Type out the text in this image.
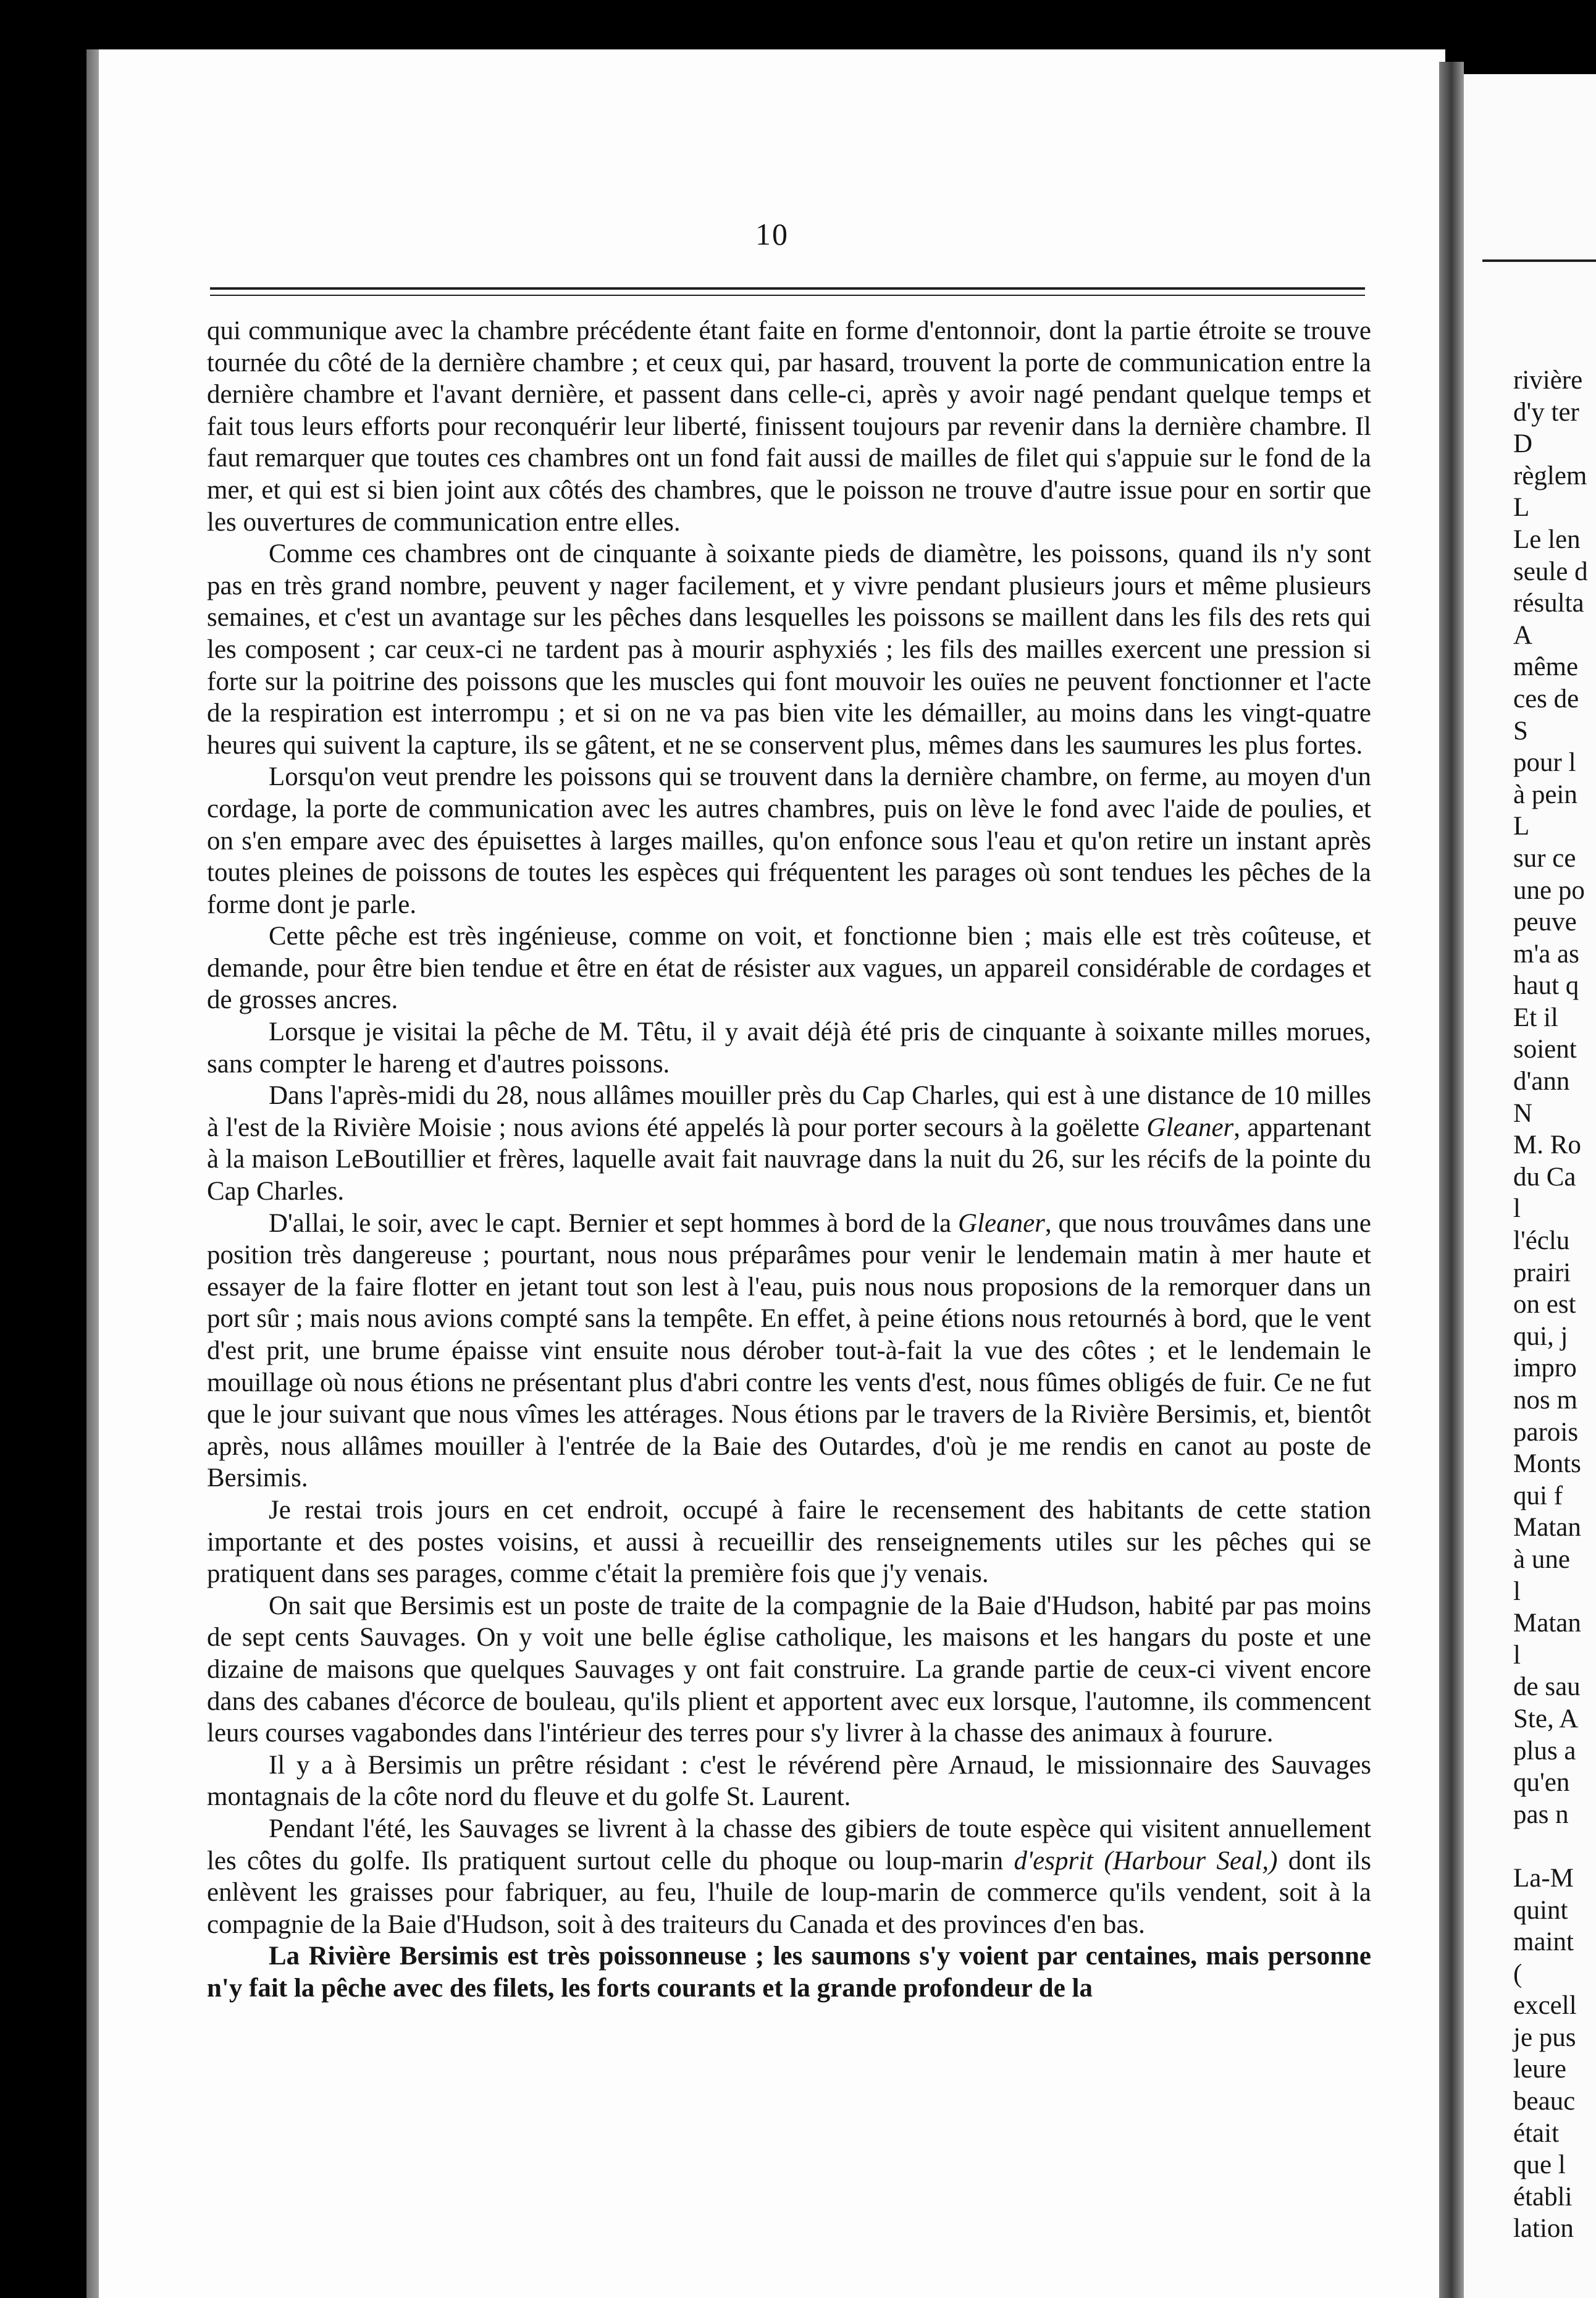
10

qui communique avec la chambre précédente étant faite en forme d'entonnoir, dont la partie étroite se trouve tournée du côté de la dernière chambre ; et ceux qui, par hasard, trouvent la porte de communication entre la dernière chambre et l'avant dernière, et passent dans celle-ci, après y avoir nagé pendant quelque temps et fait tous leurs efforts pour reconquérir leur liberté, finissent toujours par revenir dans la dernière chambre. Il faut remarquer que toutes ces chambres ont un fond fait aussi de mailles de filet qui s'appuie sur le fond de la mer, et qui est si bien joint aux côtés des chambres, que le poisson ne trouve d'autre issue pour en sortir que les ouvertures de communication entre elles.

Comme ces chambres ont de cinquante à soixante pieds de diamètre, les poissons, quand ils n'y sont pas en très grand nombre, peuvent y nager facilement, et y vivre pendant plusieurs jours et même plusieurs semaines, et c'est un avantage sur les pêches dans lesquelles les poissons se maillent dans les fils des rets qui les composent ; car ceux-ci ne tardent pas à mourir asphyxiés ; les fils des mailles exercent une pression si forte sur la poitrine des poissons que les muscles qui font mouvoir les ouïes ne peuvent fonctionner et l'acte de la respiration est interrompu ; et si on ne va pas bien vite les démailler, au moins dans les vingt-quatre heures qui suivent la capture, ils se gâtent, et ne se conservent plus, mêmes dans les saumures les plus fortes.

Lorsqu'on veut prendre les poissons qui se trouvent dans la dernière chambre, on ferme, au moyen d'un cordage, la porte de communication avec les autres chambres, puis on lève le fond avec l'aide de poulies, et on s'en empare avec des épuisettes à larges mailles, qu'on enfonce sous l'eau et qu'on retire un instant après toutes pleines de poissons de toutes les espèces qui fréquentent les parages où sont tendues les pêches de la forme dont je parle.

Cette pêche est très ingénieuse, comme on voit, et fonctionne bien ; mais elle est très coûteuse, et demande, pour être bien tendue et être en état de résister aux vagues, un appareil considérable de cordages et de grosses ancres.

Lorsque je visitai la pêche de M. Têtu, il y avait déjà été pris de cinquante à soixante milles morues, sans compter le hareng et d'autres poissons.

Dans l'après-midi du 28, nous allâmes mouiller près du Cap Charles, qui est à une distance de 10 milles à l'est de la Rivière Moisie ; nous avions été appelés là pour porter secours à la goëlette Gleaner, appartenant à la maison LeBoutillier et frères, laquelle avait fait nauvrage dans la nuit du 26, sur les récifs de la pointe du Cap Charles.

D'allai, le soir, avec le capt. Bernier et sept hommes à bord de la Gleaner, que nous trouvâmes dans une position très dangereuse ; pourtant, nous nous préparâmes pour venir le lendemain matin à mer haute et essayer de la faire flotter en jetant tout son lest à l'eau, puis nous nous proposions de la remorquer dans un port sûr ; mais nous avions compté sans la tempête. En effet, à peine étions nous retournés à bord, que le vent d'est prit, une brume épaisse vint ensuite nous dérober tout-à-fait la vue des côtes ; et le lendemain le mouillage où nous étions ne présentant plus d'abri contre les vents d'est, nous fûmes obligés de fuir. Ce ne fut que le jour suivant que nous vîmes les attérages. Nous étions par le travers de la Rivière Bersimis, et, bientôt après, nous allâmes mouiller à l'entrée de la Baie des Outardes, d'où je me rendis en canot au poste de Bersimis.

Je restai trois jours en cet endroit, occupé à faire le recensement des habitants de cette station importante et des postes voisins, et aussi à recueillir des renseignements utiles sur les pêches qui se pratiquent dans ses parages, comme c'était la première fois que j'y venais.

On sait que Bersimis est un poste de traite de la compagnie de la Baie d'Hudson, habité par pas moins de sept cents Sauvages. On y voit une belle église catholique, les maisons et les hangars du poste et une dizaine de maisons que quelques Sauvages y ont fait construire. La grande partie de ceux-ci vivent encore dans des cabanes d'écorce de bouleau, qu'ils plient et apportent avec eux lorsque, l'automne, ils commencent leurs courses vagabondes dans l'intérieur des terres pour s'y livrer à la chasse des animaux à fourure.

Il y a à Bersimis un prêtre résidant : c'est le révérend père Arnaud, le missionnaire des Sauvages montagnais de la côte nord du fleuve et du golfe St. Laurent.

Pendant l'été, les Sauvages se livrent à la chasse des gibiers de toute espèce qui visitent annuellement les côtes du golfe. Ils pratiquent surtout celle du phoque ou loup-marin d'esprit (Harbour Seal,) dont ils enlèvent les graisses pour fabriquer, au feu, l'huile de loup-marin de commerce qu'ils vendent, soit à la compagnie de la Baie d'Hudson, soit à des traiteurs du Canada et des provinces d'en bas.

La Rivière Bersimis est très poissonneuse ; les saumons s'y voient par centaines, mais personne n'y fait la pêche avec des filets, les forts courants et la grande profondeur de la

rivière
d'y ter
D
règlem
L
Le len
seule d
résulta
A
même
ces de
S
pour l
à pein
L
sur ce
une po
peuve
m'a as
haut q
Et il
soient
d'ann
N
M. Ro
du Ca
l
l'éclu
prairi
on est
qui, j
impro
nos m
parois
Monts
qui f
Matan
à une
l
Matan
l
de sau
Ste, A
plus a
qu'en
pas n
La-M
quint
maint
(
excell
je pus
leure
beauc
était
que l
établi
lation
